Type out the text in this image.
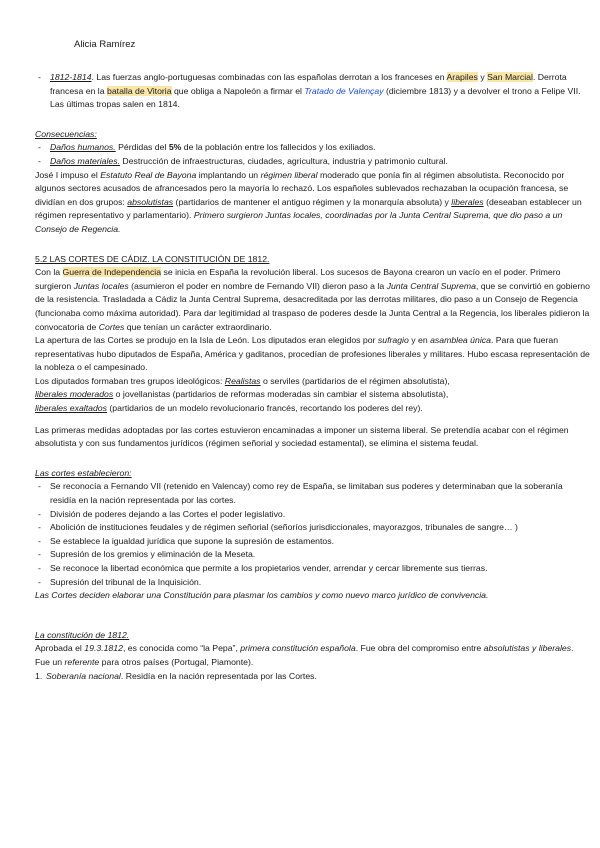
Alicia Ramírez
- 1812-1814. Las fuerzas anglo-portuguesas combinadas con las españolas derrotan a los franceses en Arapiles y San Marcial. Derrota francesa en la batalla de Vitoria que obliga a Napoleón a firmar el Tratado de Valençay (diciembre 1813) y a devolver el trono a Felipe VII. Las últimas tropas salen en 1814.
Consecuencias:
- Daños humanos. Pérdidas del 5% de la población entre los fallecidos y los exiliados.
- Daños materiales. Destrucción de infraestructuras, ciudades, agricultura, industria y patrimonio cultural.
José I impuso el Estatuto Real de Bayona implantando un régimen liberal moderado que ponía fin al régimen absolutista. Reconocido por algunos sectores acusados de afrancesados pero la mayoría lo rechazó. Los españoles sublevados rechazaban la ocupación francesa, se dividían en dos grupos: absolutistas (partidarios de mantener el antiguo régimen y la monarquía absoluta) y liberales (deseaban establecer un régimen representativo y parlamentario). Primero surgieron Juntas locales, coordinadas por la Junta Central Suprema, que dio paso a un Consejo de Regencia.
5.2 LAS CORTES DE CÁDIZ. LA CONSTITUCIÓN DE 1812.
Con la Guerra de Independencia se inicia en España la revolución liberal. Los sucesos de Bayona crearon un vacío en el poder. Primero surgieron Juntas locales (asumieron el poder en nombre de Fernando VII) dieron paso a la Junta Central Suprema, que se convirtió en gobierno de la resistencia. Trasladada a Cádiz la Junta Central Suprema, desacreditada por las derrotas militares, dio paso a un Consejo de Regencia (funcionaba como máxima autoridad). Para dar legitimidad al traspaso de poderes desde la Junta Central a la Regencia, los liberales pidieron la convocatoria de Cortes que tenían un carácter extraordinario.
La apertura de las Cortes se produjo en la Isla de León. Los diputados eran elegidos por sufragio y en asamblea única. Para que fueran representativas hubo diputados de España, América y gaditanos, procedían de profesiones liberales y militares. Hubo escasa representación de la nobleza o el campesinado.
Los diputados formaban tres grupos ideológicos: Realistas o serviles (partidarios de el régimen absolutista),
liberales moderados o jovellanistas (partidarios de reformas moderadas sin cambiar el sistema absolutista),
liberales exaltados (partidarios de un modelo revolucionario francés, recortando los poderes del rey).
Las primeras medidas adoptadas por las cortes estuvieron encaminadas a imponer un sistema liberal. Se pretendía acabar con el régimen absolutista y con sus fundamentos jurídicos (régimen señorial y sociedad estamental), se elimina el sistema feudal.
Las cortes establecieron:
- Se reconocía a Fernando VII (retenido en Valencay) como rey de España, se limitaban sus poderes y determinaban que la soberanía residía en la nación representada por las cortes.
- División de poderes dejando a las Cortes el poder legislativo.
- Abolición de instituciones feudales y de régimen señorial (señoríos jurisdiccionales, mayorazgos, tribunales de sangre… )
- Se establece la igualdad jurídica que supone la supresión de estamentos.
- Supresión de los gremios y eliminación de la Meseta.
- Se reconoce la libertad económica que permite a los propietarios vender, arrendar y cercar libremente sus tierras.
- Supresión del tribunal de la Inquisición.
Las Cortes deciden elaborar una Constitución para plasmar los cambios y como nuevo marco jurídico de convivencia.
La constitución de 1812.
Aprobada el 19.3.1812, es conocida como “la Pepa”, primera constitución española. Fue obra del compromiso entre absolutistas y liberales. Fue un referente para otros países (Portugal, Piamonte).
1. Soberanía nacional. Residía en la nación representada por las Cortes.
